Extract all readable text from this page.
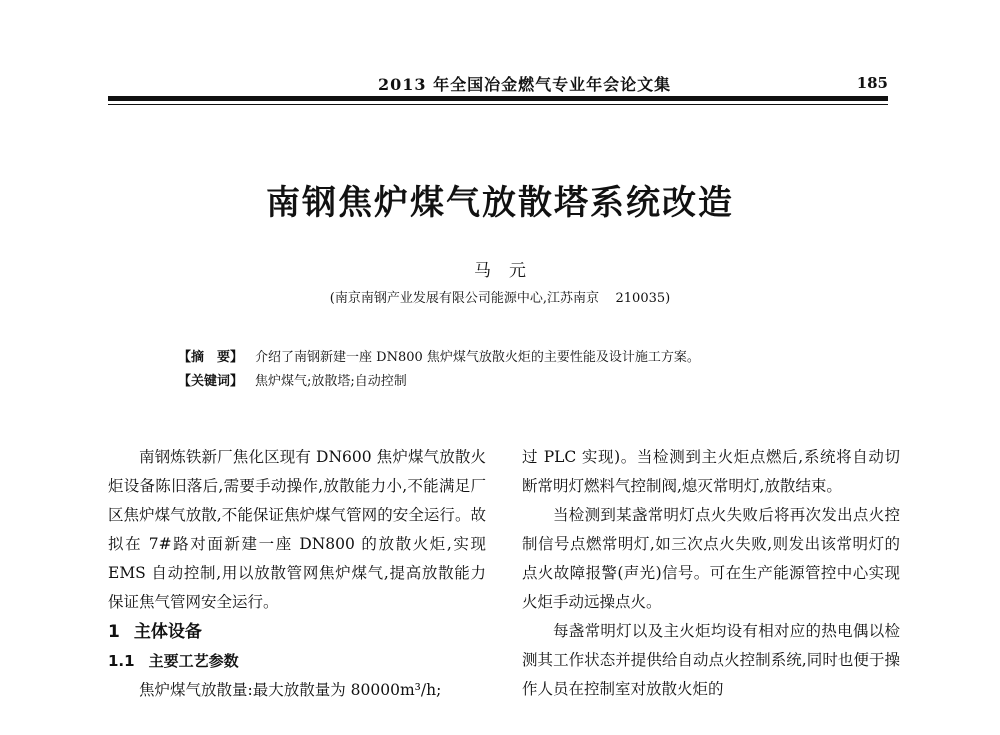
2013 年全国冶金燃气专业年会论文集	185
南钢焦炉煤气放散塔系统改造
马元
(南京南钢产业发展有限公司能源中心,江苏南京    210035)
【摘　要】 介绍了南钢新建一座 DN800 焦炉煤气放散火炬的主要性能及设计施工方案。
【关键词】 焦炉煤气;放散塔;自动控制

南钢炼铁新厂焦化区现有 DN600 焦炉煤气放散火炬设备陈旧落后,需要手动操作,放散能力小,不能满足厂区焦炉煤气放散,不能保证焦炉煤气管网的安全运行。故拟在 7#路对面新建一座 DN800 的放散火炬,实现 EMS 自动控制,用以放散管网焦炉煤气,提高放散能力保证焦气管网安全运行。

1 主体设备
1.1 主要工艺参数

焦炉煤气放散量:最大放散量为 80000m³/h;

过 PLC 实现)。当检测到主火炬点燃后,系统将自动切断常明灯燃料气控制阀,熄灭常明灯,放散结束。

当检测到某盏常明灯点火失败后将再次发出点火控制信号点燃常明灯,如三次点火失败,则发出该常明灯的点火故障报警(声光)信号。可在生产能源管控中心实现火炬手动远操点火。

每盏常明灯以及主火炬均设有相对应的热电偶以检测其工作状态并提供给自动点火控制系统,同时也便于操作人员在控制室对放散火炬的
